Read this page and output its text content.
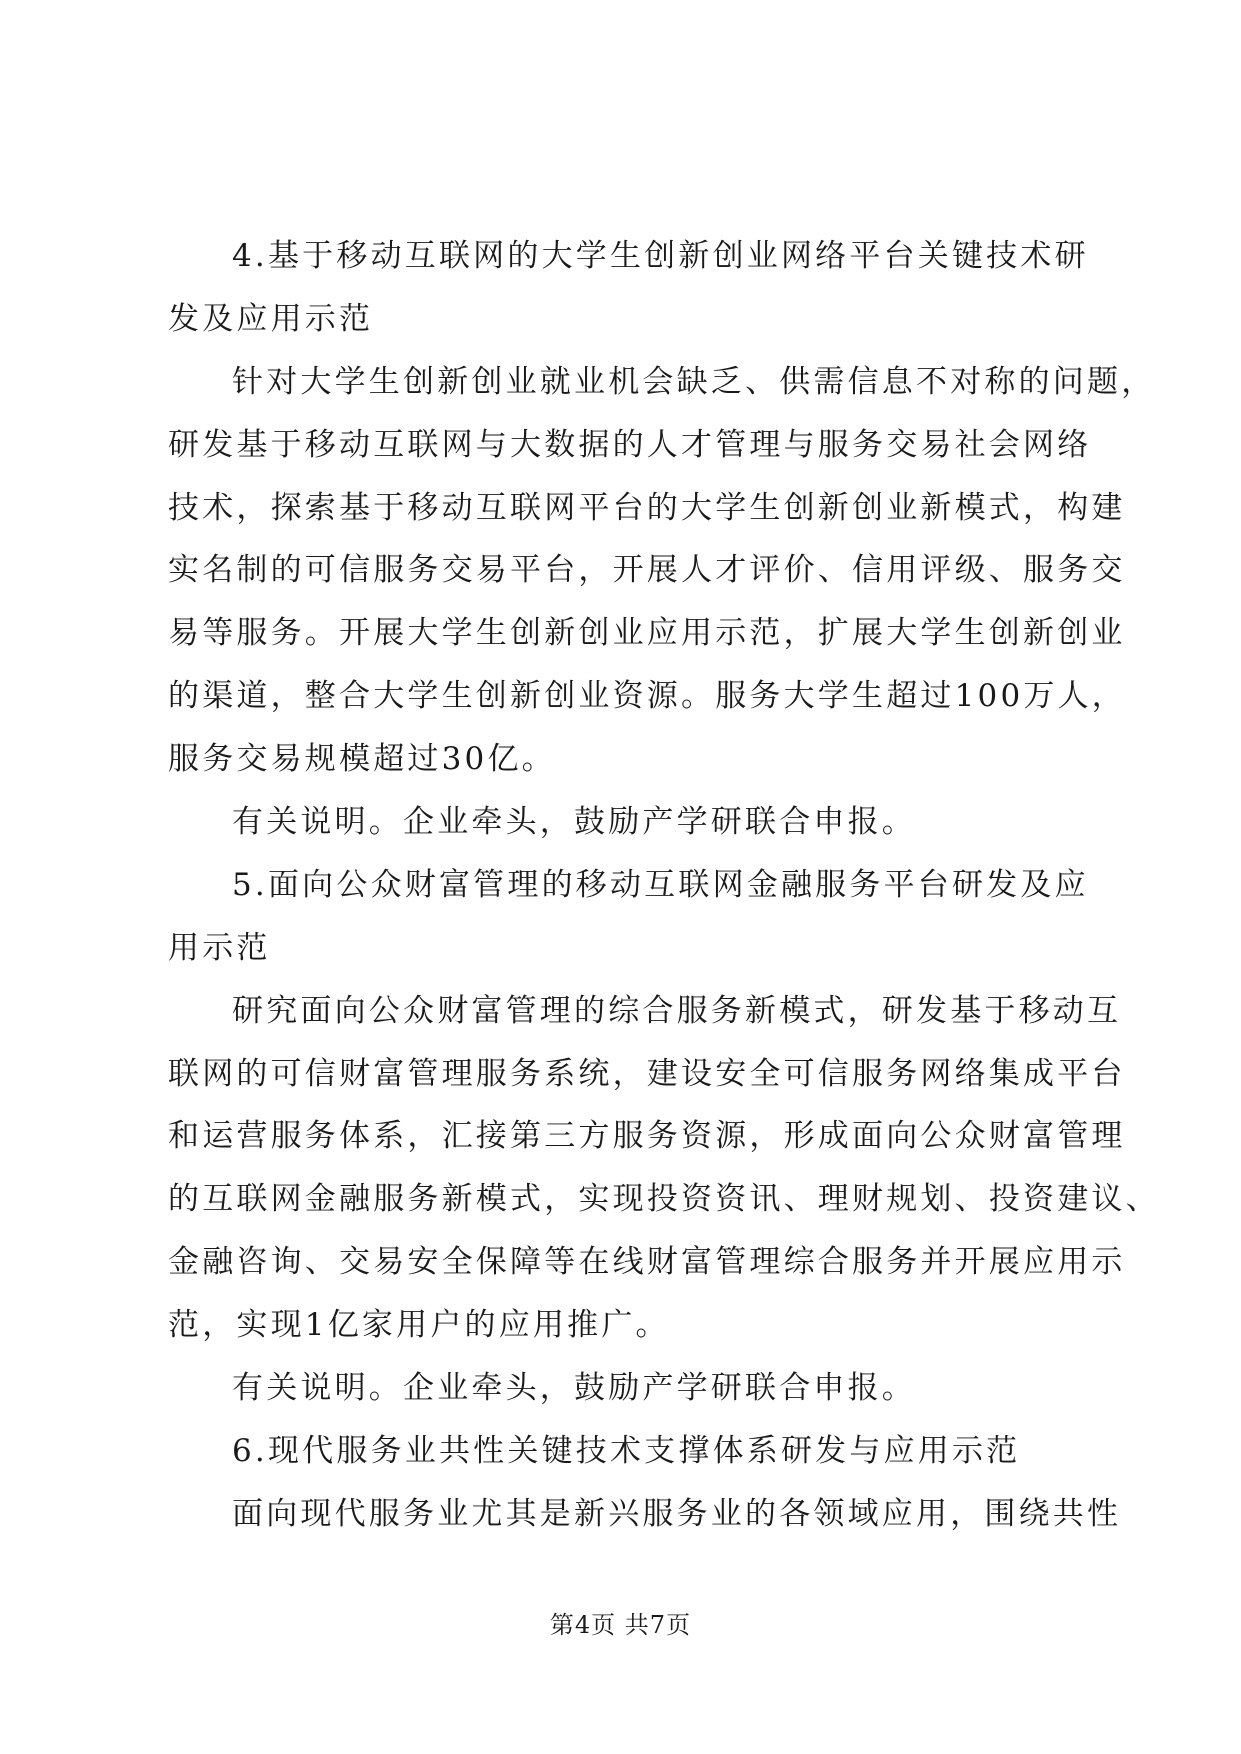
4.基于移动互联网的大学生创新创业网络平台关键技术研

发及应用示范

针对大学生创新创业就业机会缺乏、供需信息不对称的问题，

研发基于移动互联网与大数据的人才管理与服务交易社会网络

技术，探索基于移动互联网平台的大学生创新创业新模式，构建

实名制的可信服务交易平台，开展人才评价、信用评级、服务交

易等服务。开展大学生创新创业应用示范，扩展大学生创新创业

的渠道，整合大学生创新创业资源。服务大学生超过100万人，

服务交易规模超过30亿。

有关说明。企业牵头，鼓励产学研联合申报。

5.面向公众财富管理的移动互联网金融服务平台研发及应

用示范

研究面向公众财富管理的综合服务新模式，研发基于移动互

联网的可信财富管理服务系统，建设安全可信服务网络集成平台

和运营服务体系，汇接第三方服务资源，形成面向公众财富管理

的互联网金融服务新模式，实现投资资讯、理财规划、投资建议、

金融咨询、交易安全保障等在线财富管理综合服务并开展应用示

范，实现1亿家用户的应用推广。

有关说明。企业牵头，鼓励产学研联合申报。

6.现代服务业共性关键技术支撑体系研发与应用示范

面向现代服务业尤其是新兴服务业的各领域应用，围绕共性

第4页 共7页
